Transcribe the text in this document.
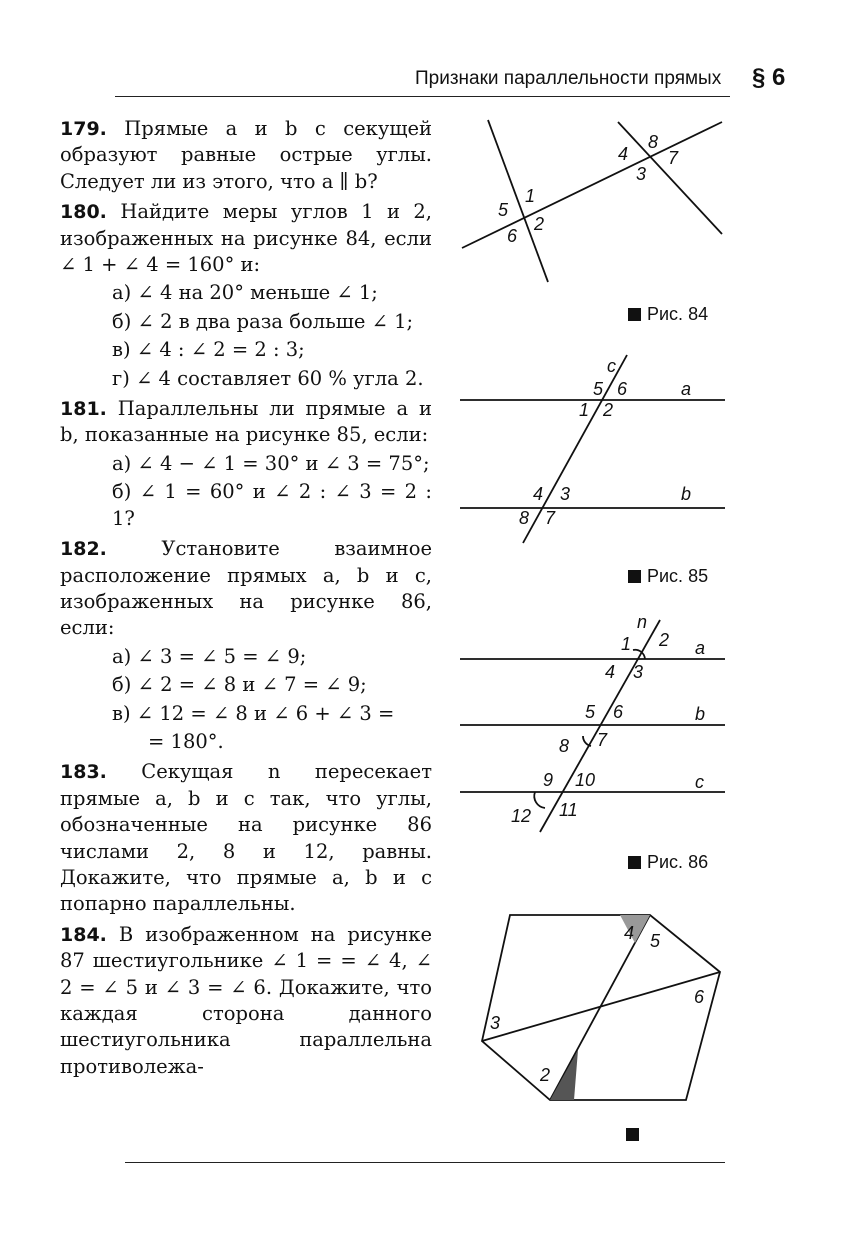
Признаки параллельности прямых § 6
179. Прямые a и b с секущей образуют равные острые углы. Следует ли из этого, что a ∥ b?
180. Найдите меры углов 1 и 2, изображенных на рисунке 84, если ∠ 1 + ∠ 4 = 160° и:
а) ∠ 4 на 20° меньше ∠ 1;
б) ∠ 2 в два раза больше ∠ 1;
в) ∠ 4 : ∠ 2 = 2 : 3;
г) ∠ 4 составляет 60 % угла 2.
181. Параллельны ли прямые a и b, показанные на рисунке 85, если:
а) ∠ 4 − ∠ 1 = 30° и ∠ 3 = 75°;
б) ∠ 1 = 60° и ∠ 2 : ∠ 3 = 2 : 1?
182.	Установите взаимное расположение прямых a, b и c, изображенных на рисунке 86, если:
а) ∠ 3 = ∠ 5 = ∠ 9;
б) ∠ 2 = ∠ 8 и ∠ 7 = ∠ 9;
в) ∠ 12 = ∠ 8 и ∠ 6 + ∠ 3 =
= 180°.
183. Секущая n пересекает прямые a, b и c так, что углы, обозначенные на рисунке 86 числами 2, 8 и 12, равны. Докажите, что прямые a, b и c попарно параллельны.
184. В изображенном на рисунке 87 шестиугольнике ∠ 1 = = ∠ 4, ∠ 2 = ∠ 5 и ∠ 3 = ∠ 6. Докажите, что каждая сторона данного шестиугольника параллельна противолежа-
1
2
3
4
5
6
7
8
Рис. 84
1 2
3
4
5 6
7
8
a
b
c
Рис. 85
1 2
3
4
5 6
7
8
9 10
11
12
a
b
c
n
Рис. 86
2
3
4 5
6
